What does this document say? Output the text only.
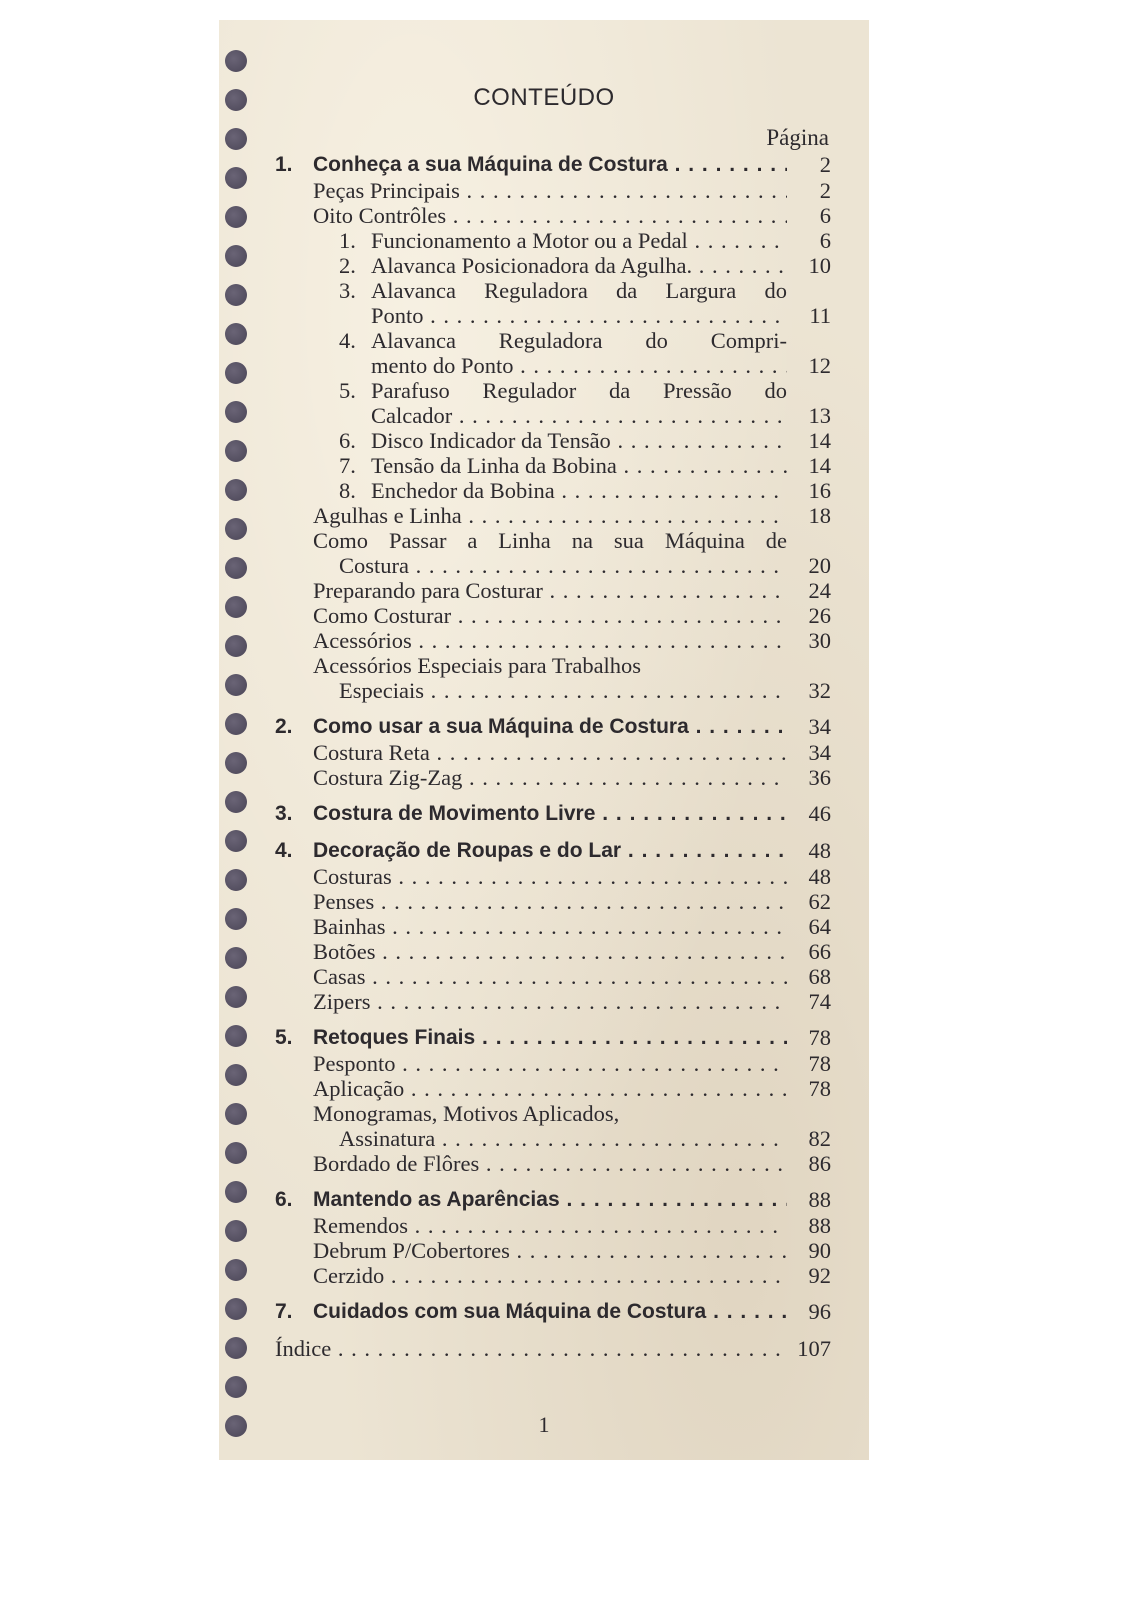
CONTEÚDO
Página
1. Conheça a sua Máquina de Costura . . .	2
Peças Principais . . .	2
Oito Contrôles . . .	6
1. Funcionamento a Motor ou a Pedal . . .	6
2. Alavanca Posicionadora da Agulha. . . .	10
3. Alavanca Reguladora da Largura do
Ponto . . .	11
4. Alavanca Reguladora do Compri-
mento do Ponto . . .	12
5. Parafuso Regulador da Pressão do
Calcador . . .	13
6. Disco Indicador da Tensão . . .	14
7. Tensão da Linha da Bobina . . .	14
8. Enchedor da Bobina . . .	16
Agulhas e Linha . . .	18
Como Passar a Linha na sua Máquina de
Costura . . .	20
Preparando para Costurar . . .	24
Como Costurar . . .	26
Acessórios . . .	30
Acessórios Especiais para Trabalhos
Especiais . . .	32
2. Como usar a sua Máquina de Costura . . .	34
Costura Reta . . .	34
Costura Zig-Zag . . .	36
3. Costura de Movimento Livre . . .	46
4. Decoração de Roupas e do Lar . . .	48
Costuras . . .	48
Penses . . .	62
Bainhas . . .	64
Botões . . .	66
Casas . . .	68
Zipers . . .	74
5. Retoques Finais . . .	78
Pesponto . . .	78
Aplicação . . .	78
Monogramas, Motivos Aplicados,
Assinatura . . .	82
Bordado de Flôres . . .	86
6. Mantendo as Aparências . . .	88
Remendos . . .	88
Debrum P/Cobertores . . .	90
Cerzido . . .	92
7. Cuidados com sua Máquina de Costura . . .	96
Índice . . .	107
1
